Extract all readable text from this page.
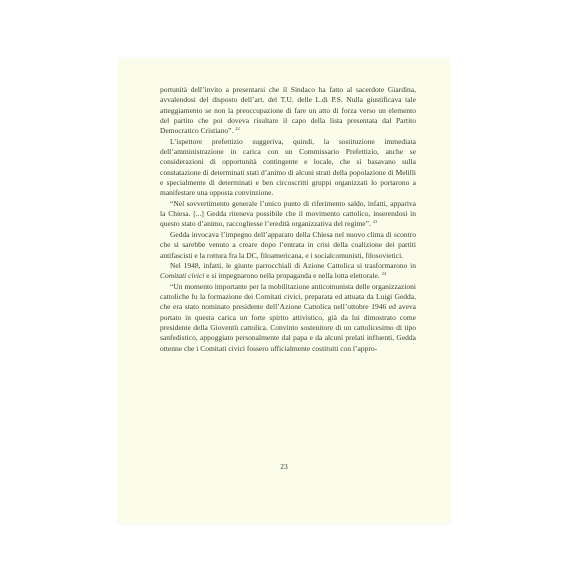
portunità dell’invito a presentarsi che il Sindaco ha fatto al sacerdote Giardina, avvalendosi del disposto dell’art. del T.U. delle L.di P.S. Nulla giustificava tale atteggiamento se non la preoccupazione di fare un atto di forza verso un elemento del partito che poi doveva risultare il capo della lista presentata dal Partito Democratico Cristiano”. $^{22}$

L’ispettore prefettizio suggeriva, quindi, la sostituzione immediata dell’amministrazione in carica con un Commissario Prefettizio, anche se considerazioni di opportunità contingente e locale, che si basavano sulla constatazione di determinati stati d’animo di alcuni strati della popolazione di Melilli e specialmente di determinati e ben circoscritti gruppi organizzati lo portarono a manifestare una opposta convinzione.

“Nel sovvertimento generale l’unico punto di riferimento saldo, infatti, appariva la Chiesa. [...] Gedda riteneva possibile che il movimento cattolico, inserendosi in questo stato d’animo, raccogliesse l’eredità organizzativa del regime”. $^{23}$

Gedda invocava l’impegno dell’apparato della Chiesa nel nuovo clima di scontro che si sarebbe venuto a creare dopo l’entrata in crisi della coalizione dei partiti antifascisti e la rottura fra la DC, filoamericana, e i socialcomunisti, filosovietici.

Nel 1948, infatti, le giunte parrocchiali di Azione Cattolica si trasformarono in Comitati civici e si impegnarono nella propaganda e nella lotta elettorale. $^{24}$

“Un momento importante per la mobilitazione anticomunista delle organizzazioni cattoliche fu la formazione dei Comitati civici, preparata ed attuata da Luigi Gedda, che era stato nominato presidente dell’Azione Cattolica nell’ottobre 1946 ed aveva portato in questa carica un forte spirito attivistico, già da lui dimostrato come presidente della Gioventù cattolica. Convinto sostenitore di un cattolicesimo di tipo sanfedistico, appoggiato personalmente dal papa e da alcuni prelati influenti, Gedda ottenne che i Comitati civici fossero ufficialmente costituiti con l’appro-

23
